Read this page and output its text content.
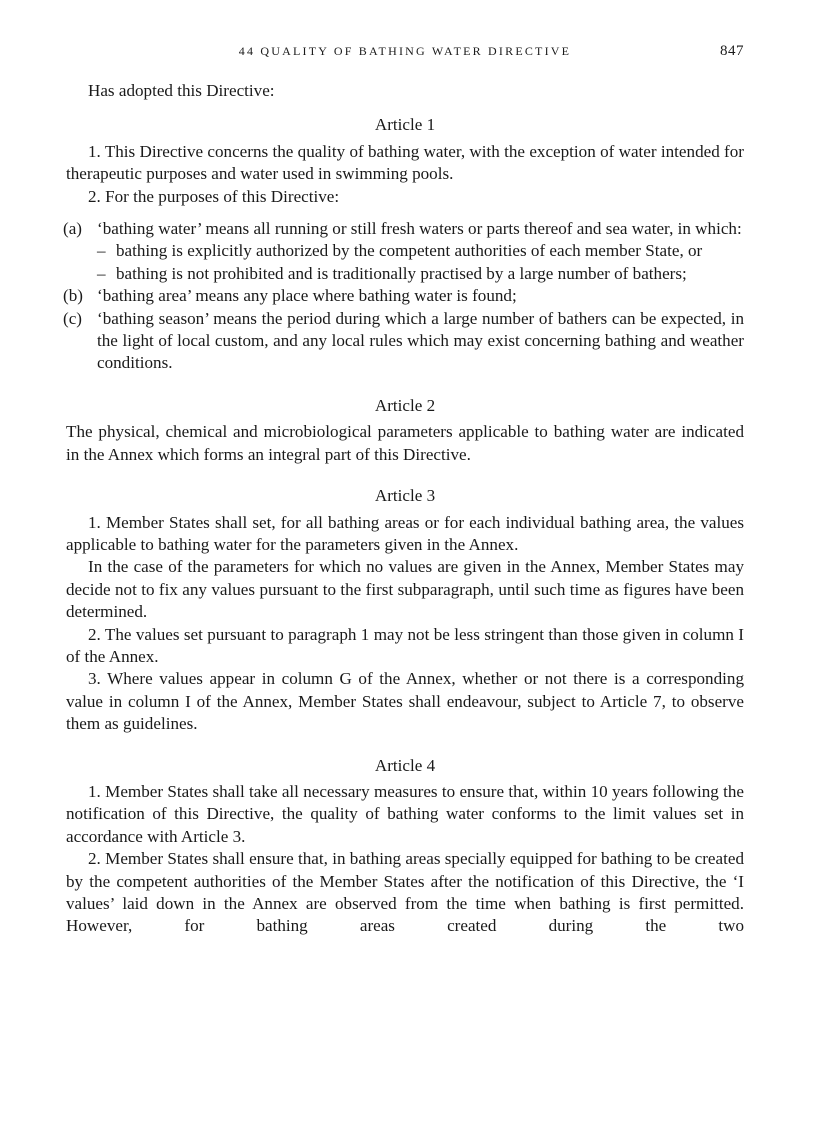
44 QUALITY OF BATHING WATER DIRECTIVE	847

Has adopted this Directive:

Article 1

1. This Directive concerns the quality of bathing water, with the exception of water intended for therapeutic purposes and water used in swimming pools.

2. For the purposes of this Directive:

(a) ‘bathing water’ means all running or still fresh waters or parts thereof and sea water, in which:
– bathing is explicitly authorized by the competent authorities of each member State, or
– bathing is not prohibited and is traditionally practised by a large number of bathers;
(b) ‘bathing area’ means any place where bathing water is found;
(c) ‘bathing season’ means the period during which a large number of bathers can be expected, in the light of local custom, and any local rules which may exist concerning bathing and weather conditions.

Article 2

The physical, chemical and microbiological parameters applicable to bathing water are indicated in the Annex which forms an integral part of this Directive.

Article 3

1. Member States shall set, for all bathing areas or for each individual bathing area, the values applicable to bathing water for the parameters given in the Annex.

In the case of the parameters for which no values are given in the Annex, Member States may decide not to fix any values pursuant to the first subparagraph, until such time as figures have been determined.

2. The values set pursuant to paragraph 1 may not be less stringent than those given in column I of the Annex.

3. Where values appear in column G of the Annex, whether or not there is a corresponding value in column I of the Annex, Member States shall endeavour, subject to Article 7, to observe them as guidelines.

Article 4

1. Member States shall take all necessary measures to ensure that, within 10 years following the notification of this Directive, the quality of bathing water conforms to the limit values set in accordance with Article 3.

2. Member States shall ensure that, in bathing areas specially equipped for bathing to be created by the competent authorities of the Member States after the notification of this Directive, the ‘I values’ laid down in the Annex are observed from the time when bathing is first permitted. However, for bathing areas created during the two
